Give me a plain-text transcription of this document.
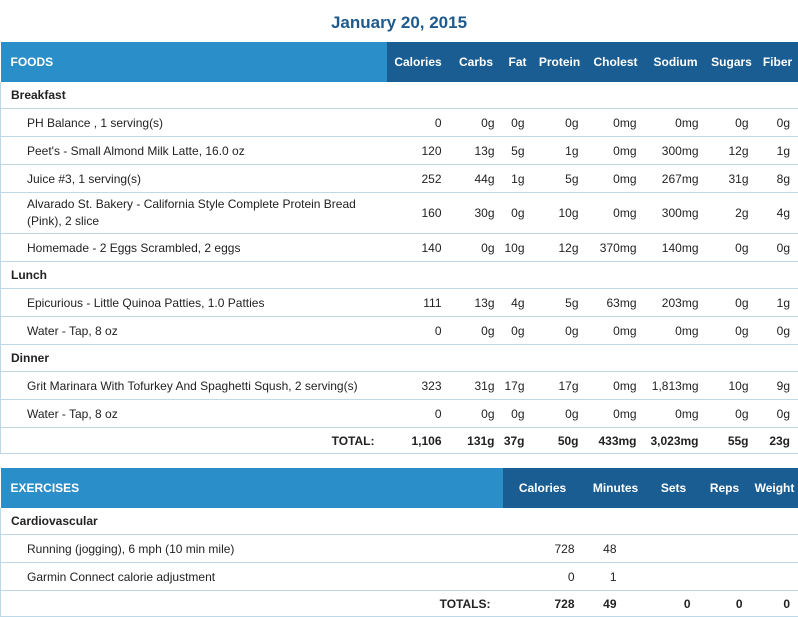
January 20, 2015
FOODS	Calories	Carbs	Fat	Protein	Cholest	Sodium	Sugars	Fiber
Breakfast								
PH Balance , 1 serving(s)	0	0g	0g	0g	0mg	0mg	0g	0g
Peet's - Small Almond Milk Latte, 16.0 oz	120	13g	5g	1g	0mg	300mg	12g	1g
Juice #3, 1 serving(s)	252	44g	1g	5g	0mg	267mg	31g	8g
Alvarado St. Bakery - California Style Complete Protein Bread (Pink), 2 slice	160	30g	0g	10g	0mg	300mg	2g	4g
Homemade - 2 Eggs Scrambled, 2 eggs	140	0g	10g	12g	370mg	140mg	0g	0g
Lunch								
Epicurious - Little Quinoa Patties, 1.0 Patties	111	13g	4g	5g	63mg	203mg	0g	1g
Water - Tap, 8 oz	0	0g	0g	0g	0mg	0mg	0g	0g
Dinner								
Grit Marinara With Tofurkey And Spaghetti Sqush, 2 serving(s)	323	31g	17g	17g	0mg	1,813mg	10g	9g
Water - Tap, 8 oz	0	0g	0g	0g	0mg	0mg	0g	0g
TOTAL:	1,106	131g	37g	50g	433mg	3,023mg	55g	23g
EXERCISES	Calories	Minutes	Sets	Reps	Weight
Cardiovascular					
Running (jogging), 6 mph (10 min mile)	728	48			
Garmin Connect calorie adjustment	0	1			
TOTALS:	728	49	0	0	0
